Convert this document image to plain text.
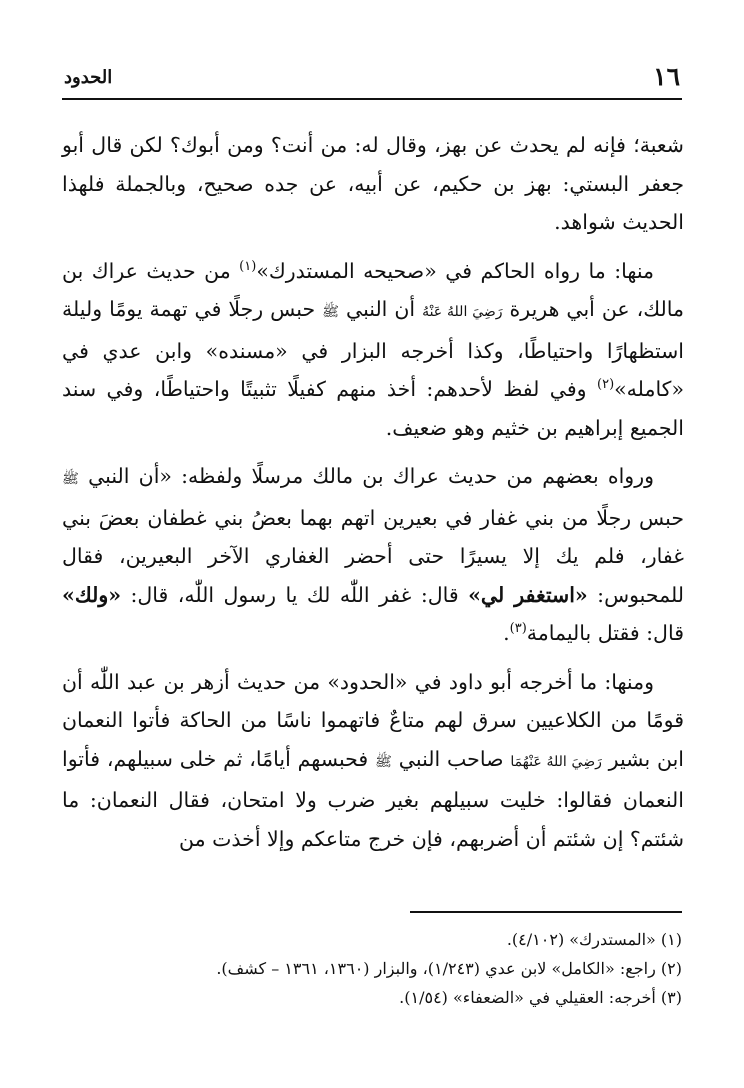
١٦
الحدود

شعبة؛ فإنه لم يحدث عن بهز، وقال له: من أنت؟ ومن أبوك؟ لكن قال أبو جعفر البستي: بهز بن حكيم، عن أبيه، عن جده صحيح، وبالجملة فلهذا الحديث شواهد.

منها: ما رواه الحاكم في «صحيحه المستدرك»$^{(١)}$ من حديث عراك بن مالك، عن أبي هريرة رَضِيَ اللهُ عَنْهُ أن النبي ﷺ حبس رجلًا في تهمة يومًا وليلة استظهارًا واحتياطًا، وكذا أخرجه البزار في «مسنده» وابن عدي في «كامله»$^{(٢)}$ وفي لفظ لأحدهم: أخذ منهم كفيلًا تثبيتًا واحتياطًا، وفي سند الجميع إبراهيم بن خثيم وهو ضعيف.

ورواه بعضهم من حديث عراك بن مالك مرسلًا ولفظه: «أن النبي ﷺ حبس رجلًا من بني غفار في بعيرين اتهم بهما بعضُ بني غطفان بعضَ بني غفار، فلم يك إلا يسيرًا حتى أحضر الغفاري الآخر البعيرين، فقال للمحبوس: «استغفر لي» قال: غفر اللّٰه لك يا رسول اللّٰه، قال: «ولك» قال: فقتل باليمامة$^{(٣)}$.

ومنها: ما أخرجه أبو داود في «الحدود» من حديث أزهر بن عبد اللّٰه أن قومًا من الكلاعيين سرق لهم متاعٌ فاتهموا ناسًا من الحاكة فأتوا النعمان ابن بشير رَضِيَ اللهُ عَنْهُمَا صاحب النبي ﷺ فحبسهم أيامًا، ثم خلى سبيلهم، فأتوا النعمان فقالوا: خليت سبيلهم بغير ضرب ولا امتحان، فقال النعمان: ما شئتم؟ إن شئتم أن أضربهم، فإن خرج متاعكم وإلا أخذت من

(١) «المستدرك» (٤/١٠٢).
(٢) راجع: «الكامل» لابن عدي (١/٢٤٣)، والبزار (١٣٦٠، ١٣٦١ – كشف).
(٣) أخرجه: العقيلي في «الضعفاء» (١/٥٤).
